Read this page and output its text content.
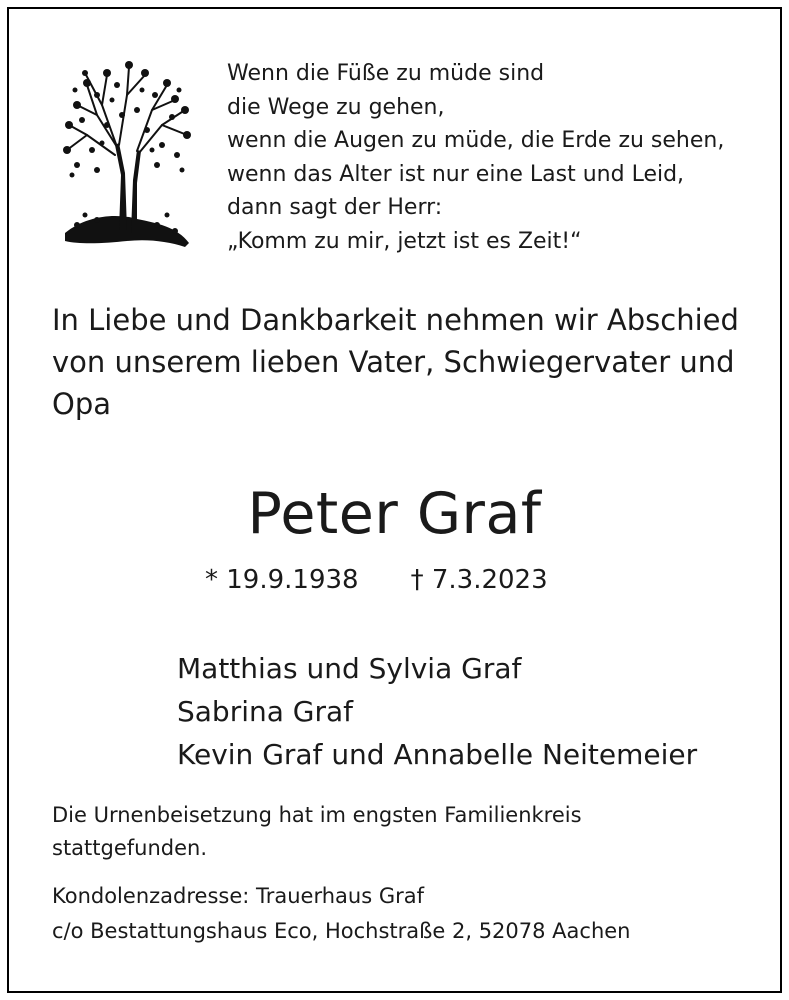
Wenn die Füße zu müde sind
die Wege zu gehen,
wenn die Augen zu müde, die Erde zu sehen,
wenn das Alter ist nur eine Last und Leid,
dann sagt der Herr:
„Komm zu mir, jetzt ist es Zeit!“
In Liebe und Dankbarkeit nehmen wir Abschied
von unserem lieben Vater, Schwiegervater und
Opa
Peter Graf
* 19.9.1938 † 7.3.2023
Matthias und Sylvia Graf
Sabrina Graf
Kevin Graf und Annabelle Neitemeier
Die Urnenbeisetzung hat im engsten Familienkreis
stattgefunden.
Kondolenzadresse: Trauerhaus Graf
c/o Bestattungshaus Eco, Hochstraße 2, 52078 Aachen
